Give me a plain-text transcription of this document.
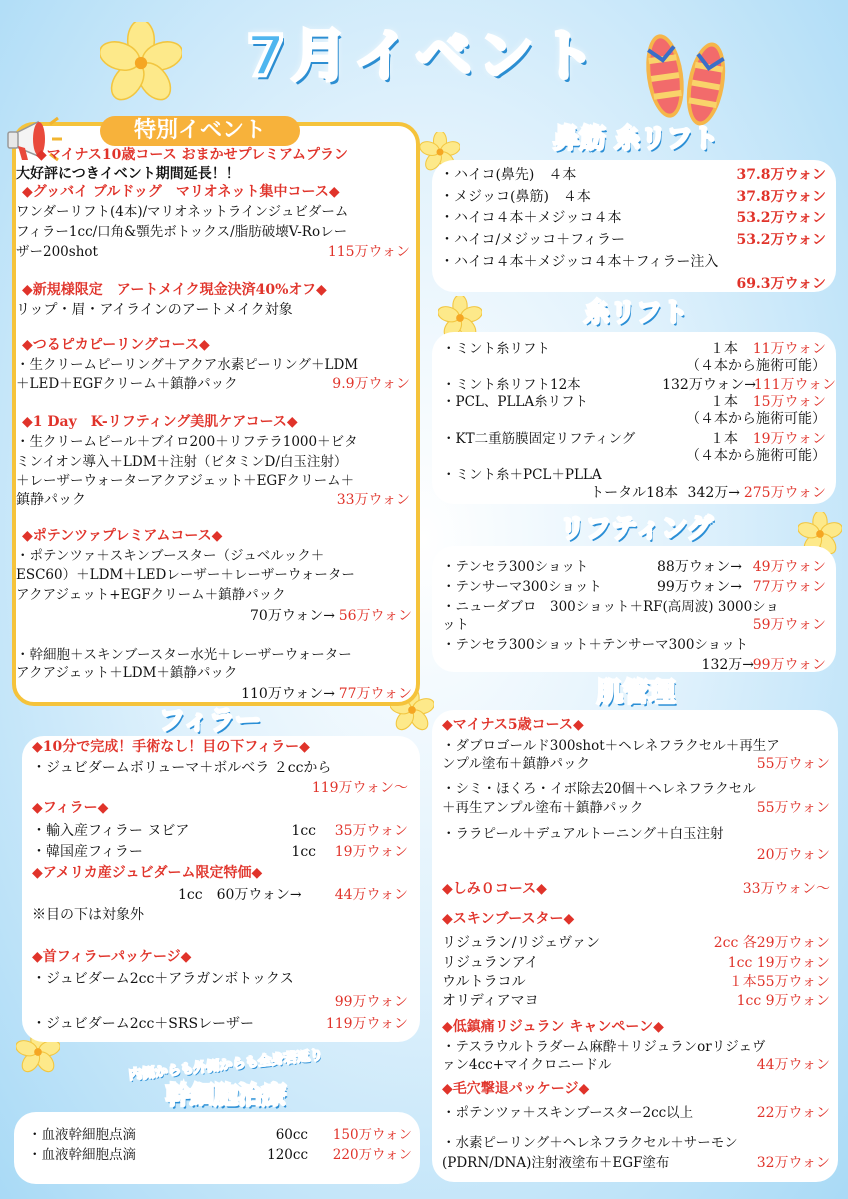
7月イベント
特別イベント
◆マイナス10歳コース おまかせプレミアムプラン
大好評につきイベント期間延長！！
◆グッバイ ブルドッグ　マリオネット集中コース◆
ワンダーリフト(4本)/マリオネットラインジュビダーム
フィラー1cc/口角&顎先ボトックス/脂肪破壊V-Roレー
ザー200shot	115万ウォン
◆新規様限定　アートメイク現金決済40%オフ◆
リップ・眉・アイラインのアートメイク対象
◆つるピカピーリングコース◆
・生クリームピーリング＋アクア水素ピーリング＋LDM
＋LED＋EGFクリーム＋鎮静パック	9.9万ウォン
◆1 Day　K-リフティング美肌ケアコース◆
・生クリームピール＋ブイロ200＋リフテラ1000＋ビタ
ミンイオン導入＋LDM＋注射（ビタミンD/白玉注射）
＋レーザーウォーターアクアジェット＋EGFクリーム＋
鎮静パック	33万ウォン
◆ポテンツァプレミアムコース◆
・ポテンツァ＋スキンブースター（ジュベルック＋
ESC60）＋LDM＋LEDレーザー＋レーザーウォーター
アクアジェット+EGFクリーム＋鎮静パック
70万ウォン→ 56万ウォン
・幹細胞＋スキンブースター水光＋レーザーウォーター
アクアジェット＋LDM＋鎮静パック
110万ウォン→ 77万ウォン
鼻筋 糸リフト
・ハイコ(鼻先)　４本	37.8万ウォン
・メジッコ(鼻筋)　４本	37.8万ウォン
・ハイコ４本＋メジッコ４本	53.2万ウォン
・ハイコ/メジッコ＋フィラー	53.2万ウォン
・ハイコ４本＋メジッコ４本＋フィラー注入
69.3万ウォン
糸リフト
・ミント糸リフト	１本 11万ウォン
（４本から施術可能）
・ミント糸リフト12本	132万ウォン→
111万ウォン
・PCL、PLLA糸リフト	１本 15万ウォン
（４本から施術可能）
・KT二重筋膜固定リフティング	１本 19万ウォン
（４本から施術可能）
・ミント糸＋PCL＋PLLA
トータル18本 342万→ 275万ウォン
リフティング
・テンセラ300ショット	88万ウォン→ 49万ウォン
・テンサーマ300ショット	99万ウォン→ 77万ウォン
・ニューダブロ　300ショット＋RF(高周波) 3000ショ
ット	59万ウォン
・テンセラ300ショット＋テンサーマ300ショット
132万→
99万ウォン
フィラー
◆10分で完成！手術なし！目の下フィラー◆
・ジュビダームボリューマ＋ボルベラ ２ccから
119万ウォン〜
◆フィラー◆
・輸入産フィラー ヌビア	1cc 35万ウォン
・韓国産フィラー	1cc 19万ウォン
◆アメリカ産ジュビダーム限定特価◆
1cc　60万ウォン→ 44万ウォン
※目の下は対象外
◆首フィラーパッケージ◆
・ジュビダーム2cc＋アラガンボトックス
99万ウォン
・ジュビダーム2cc＋SRSレーザー	119万ウォン
肌管理
◆マイナス5歳コース◆
・ダブロゴールド300shot＋ヘレネフラクセル＋再生ア
ンプル塗布＋鎮静パック	55万ウォン
・シミ・ほくろ・イボ除去20個＋ヘレネフラクセル
＋再生アンプル塗布＋鎮静パック	55万ウォン
・ララピール＋デュアルトーニング＋白玉注射
20万ウォン
◆しみ０コース◆	33万ウォン〜
◆スキンブースター◆
リジュラン/リジェヴァン	2cc 各29万ウォン
リジュランアイ	1cc 19万ウォン
ウルトラコル	１本55万ウォン
オリディアマヨ	1cc 9万ウォン
◆低鎮痛リジュラン キャンペーン◆
・テスラウルトラダーム麻酔＋リジュランorリジェヴ
ァン4cc+マイクロニードル	44万ウォン
◆毛穴撃退パッケージ◆
・ポテンツァ＋スキンブースター2cc以上	22万ウォン
・水素ピーリング＋ヘレネフラクセル＋サーモン
(PDRN/DNA)注射液塗布＋EGF塗布	32万ウォン
内側からも外側からも全身若返り
幹細胞治療
・血液幹細胞点滴	60cc 150万ウォン
・血液幹細胞点滴	120cc 220万ウォン
